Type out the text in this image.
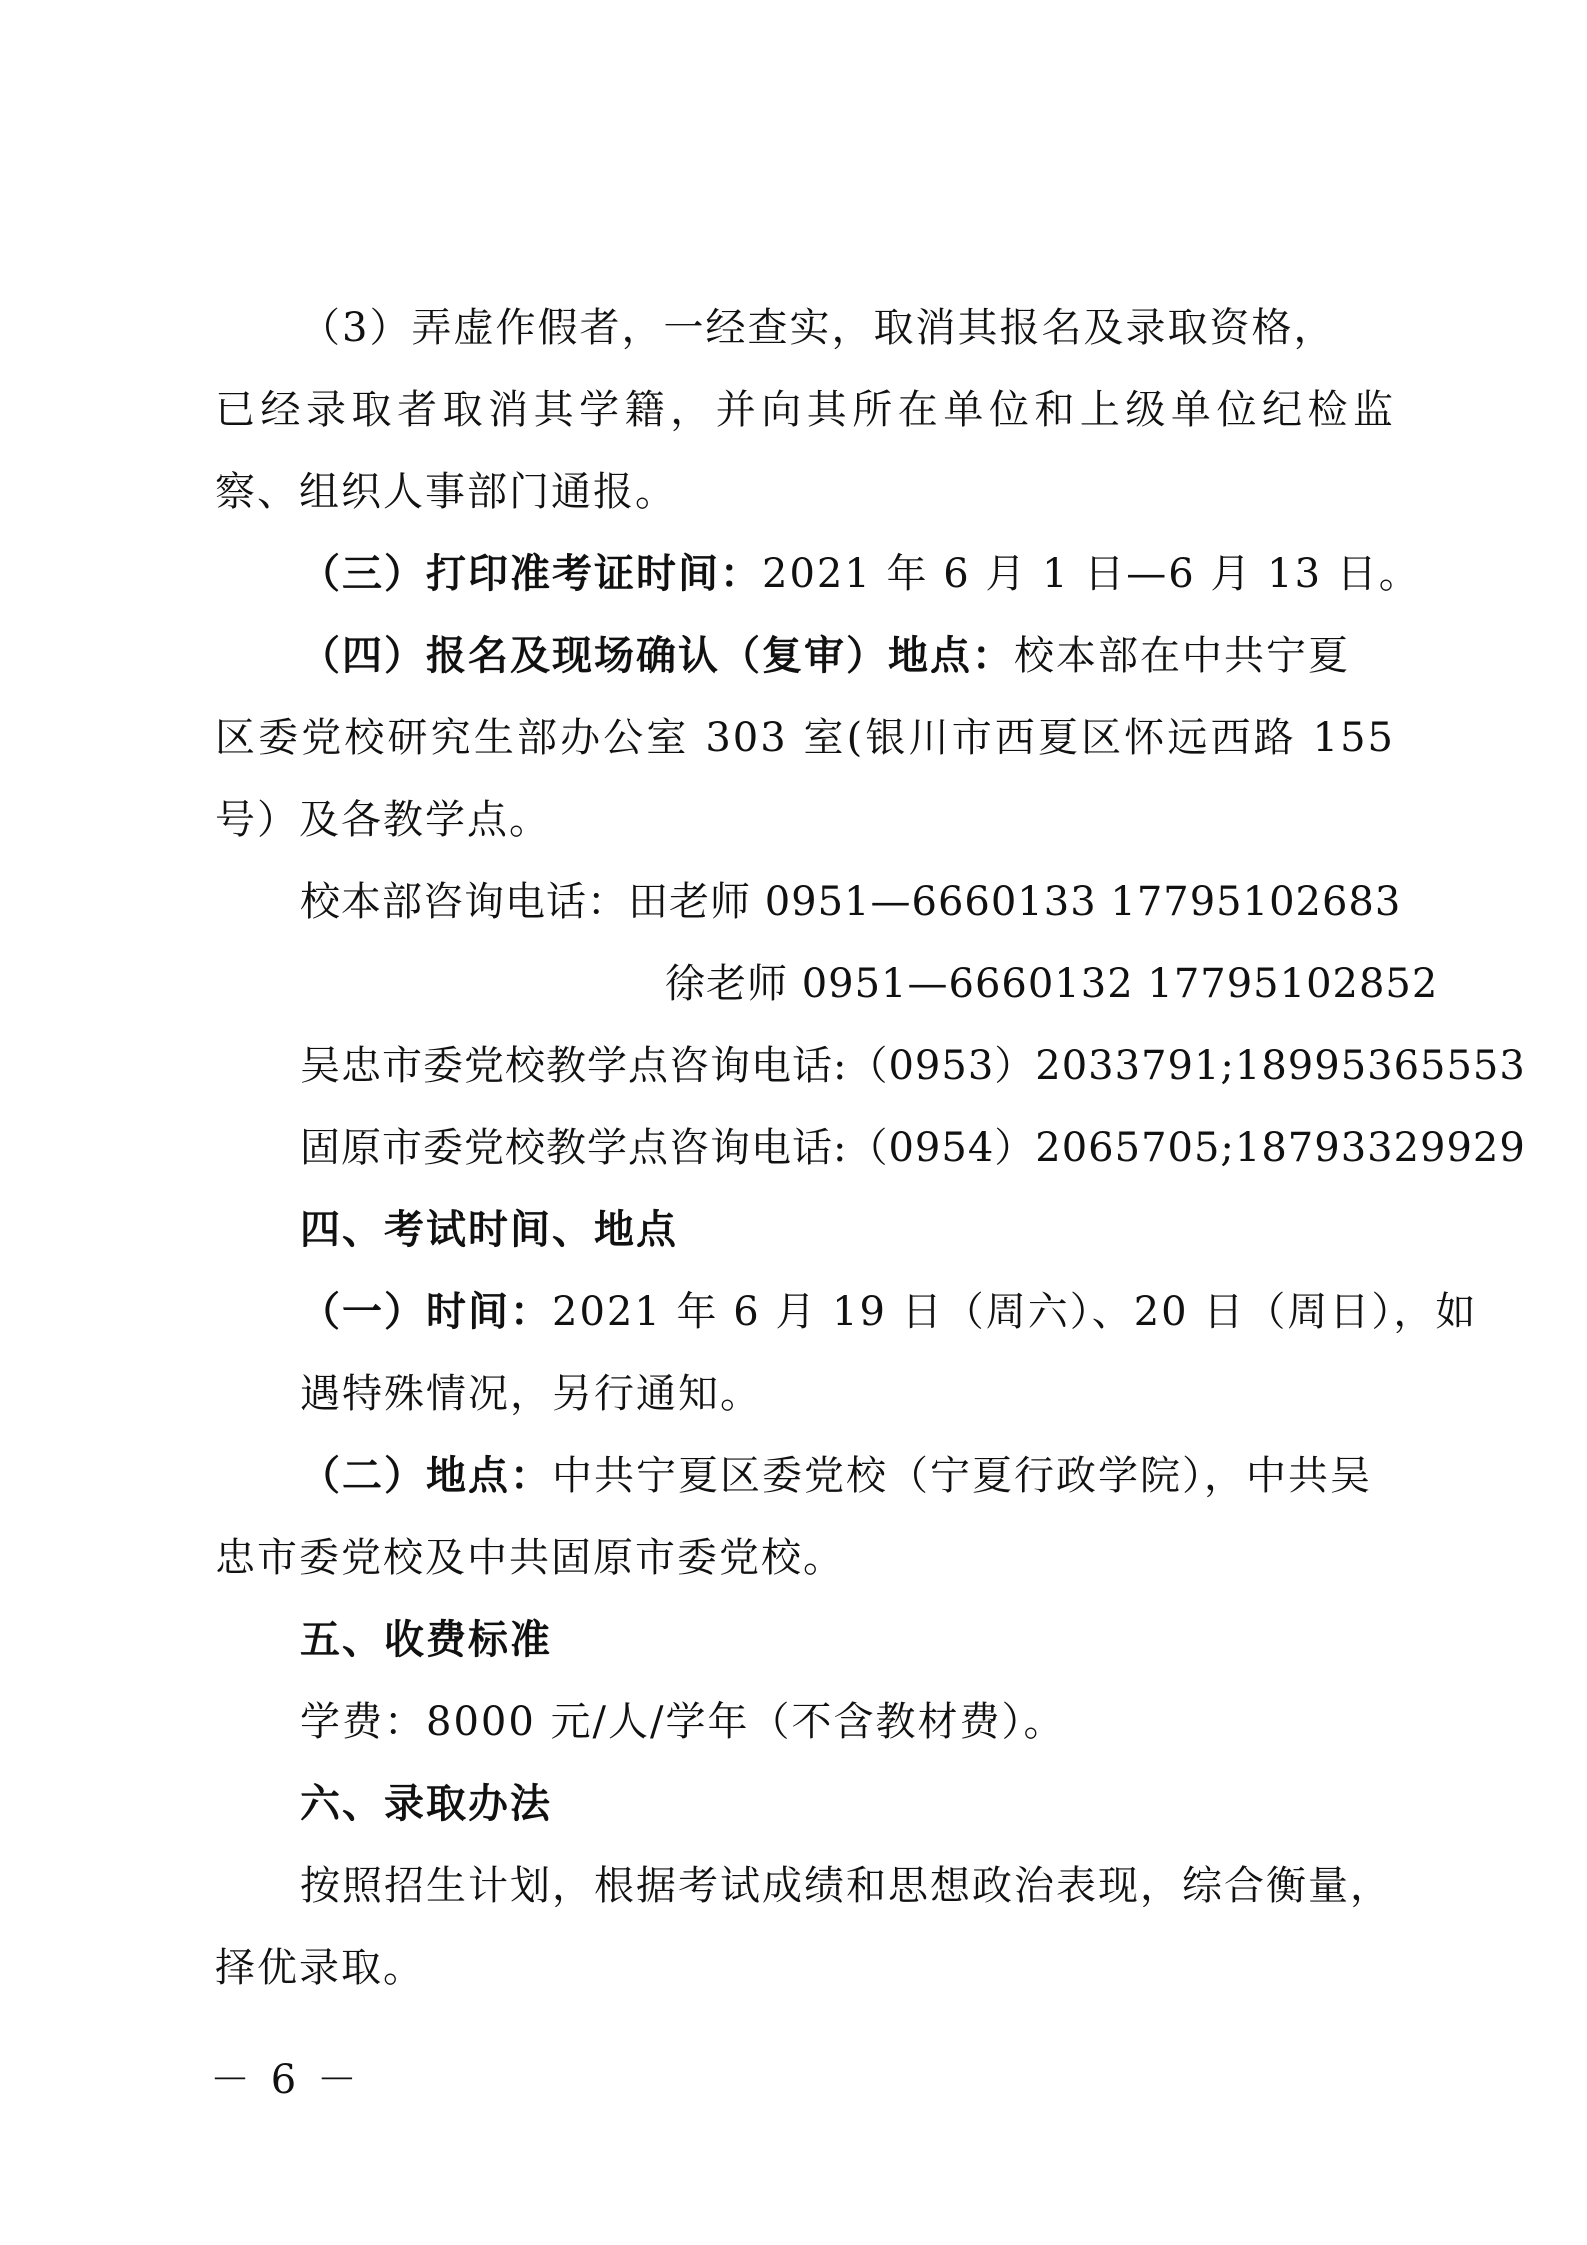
（3）弄虚作假者，一经查实，取消其报名及录取资格，
已经录取者取消其学籍，并向其所在单位和上级单位纪检监
察、组织人事部门通报。
（三）打印准考证时间：2021 年 6 月 1 日—6 月 13 日。
（四）报名及现场确认（复审）地点：校本部在中共宁夏
区委党校研究生部办公室 303 室(银川市西夏区怀远西路 155
号）及各教学点。
校本部咨询电话：田老师 0951—6660133 17795102683
徐老师 0951—6660132 17795102852
吴忠市委党校教学点咨询电话:（0953）2033791;18995365553
固原市委党校教学点咨询电话:（0954）2065705;18793329929
四、考试时间、地点
（一）时间：2021 年 6 月 19 日（周六）、20 日（周日），如
遇特殊情况，另行通知。
（二）地点：中共宁夏区委党校（宁夏行政学院），中共吴
忠市委党校及中共固原市委党校。
五、收费标准
学费：8000 元/人/学年（不含教材费）。
六、录取办法
按照招生计划，根据考试成绩和思想政治表现，综合衡量，
择优录取。
－ 6 －
